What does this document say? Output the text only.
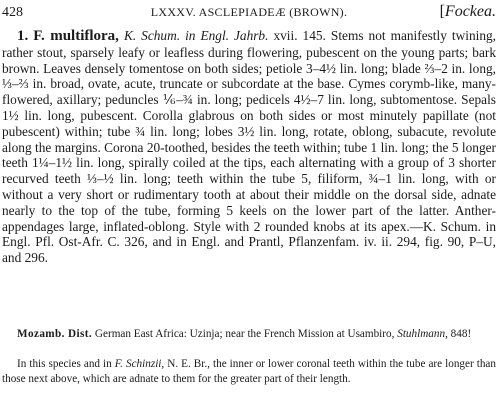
428	LXXXV. ASCLEPIADEÆ (BROWN).	[Fockea.

1. F. multiflora, K. Schum. in Engl. Jahrb. xvii. 145. Stems not manifestly twining, rather stout, sparsely leafy or leafless during flowering, pubescent on the young parts; bark brown. Leaves densely tomentose on both sides; petiole 3–4½ lin. long; blade ⅔–2 in. long, ⅓–⅔ in. broad, ovate, acute, truncate or subcordate at the base. Cymes corymb-like, many-flowered, axillary; peduncles ⅙–¾ in. long; pedicels 4½–7 lin. long, subtomentose. Sepals 1½ lin. long, pubescent. Corolla glabrous on both sides or most minutely papillate (not pubescent) within; tube ¾ lin. long; lobes 3½ lin. long, rotate, oblong, subacute, revolute along the margins. Corona 20-toothed, besides the teeth within; tube 1 lin. long; the 5 longer teeth 1¼–1½ lin. long, spirally coiled at the tips, each alternating with a group of 3 shorter recurved teeth ⅓–½ lin. long; teeth within the tube 5, filiform, ¾–1 lin. long, with or without a very short or rudimentary tooth at about their middle on the dorsal side, adnate nearly to the top of the tube, forming 5 keels on the lower part of the latter. Anther-appendages large, inflated-oblong. Style with 2 rounded knobs at its apex.—K. Schum. in Engl. Pfl. Ost-Afr. C. 326, and in Engl. and Prantl, Pflanzenfam. iv. ii. 294, fig. 90, P–U, and 296.

Mozamb. Dist. German East Africa: Uzinja; near the French Mission at Usambiro, Stuhlmann, 848!

In this species and in F. Schinzii, N. E. Br., the inner or lower coronal teeth within the tube are longer than those next above, which are adnate to them for the greater part of their length.
